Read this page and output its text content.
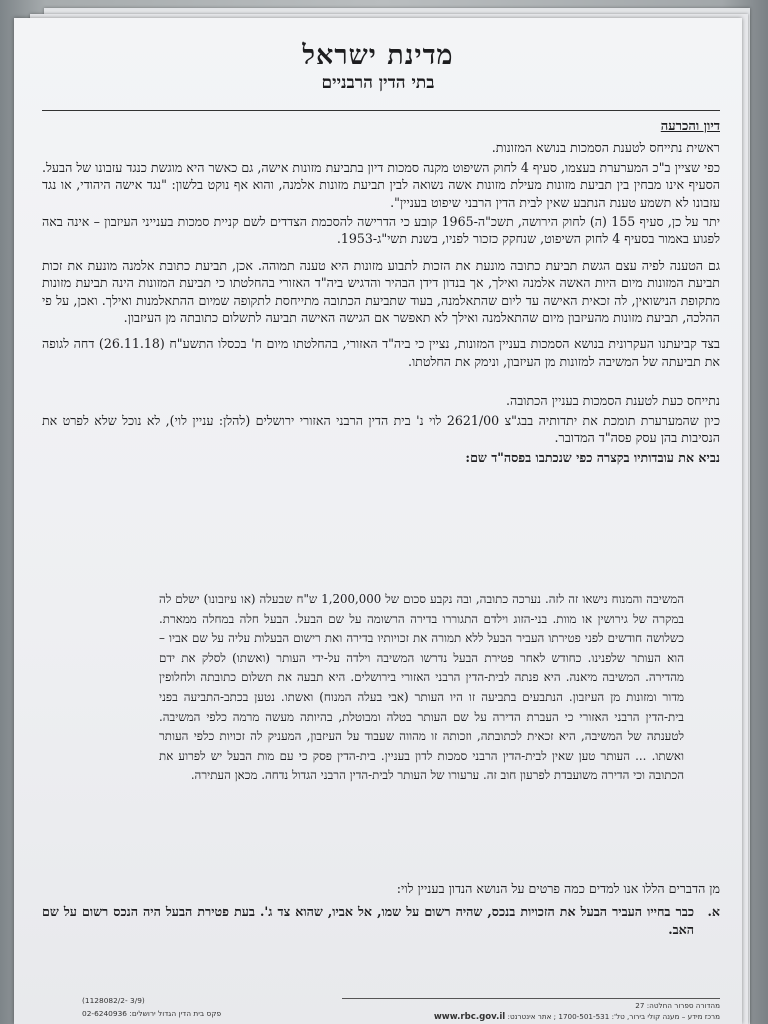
מדינת ישראל
בתי הדין הרבניים
דיון והכרעה

ראשית נתייחס לטענת הסמכות בנושא המזונות.

כפי שציין ב"כ המערערת בעצמו, סעיף 4 לחוק השיפוט מקנה סמכות דיון בתביעת מזונות אישה, גם כאשר היא מוגשת כנגד עזבונו של הבעל. הסעיף אינו מבחין בין תביעת מזונות מעילת מזונות אשה נשואה לבין תביעת מזונות אלמנה, והוא אף נוקט בלשון: "נגד אישה היהודי, או נגד עזבונו לא תשמע טענת הנתבע שאין לבית הדין הרבני שיפוט בעניין".

יתר על כן, סעיף 155 (ה) לחוק הירושה, תשכ"ה-1965 קובע כי הדרישה להסכמת הצדדים לשם קניית סמכות בענייני העיזבון – אינה באה לפגוע באמור בסעיף 4 לחוק השיפוט, שנחקק כזכור לפניו, בשנת תשי"ג-1953.

גם הטענה לפיה עצם הגשת תביעת כתובה מונעת את הזכות לתבוע מזונות היא טענה תמוהה. אכן, תביעת כתובת אלמנה מונעת את זכות תביעת המזונות מיום היות האשה אלמנה ואילך, אך בנדון דידן הבהיר והדגיש ביה"ד האזורי בהחלטתו כי תביעת המזונות הינה תביעת מזונות מתקופת הנישואין, לה זכאית האישה עד ליום שהתאלמנה, בעוד שתביעת הכתובה מתייחסת לתקופה שמיום ההתאלמנות ואילך. ואכן, על פי ההלכה, תביעת מזונות מהעיזבון מיום שהתאלמנה ואילך לא תאפשר אם הגישה האישה תביעה לתשלום כתובתה מן העיזבון.

בצד קביעתנו העקרונית בנושא הסמכות בעניין המזונות, נציין כי ביה"ד האזורי, בהחלטתו מיום ח' בכסלו התשע"ח (26.11.18) דחה לגופה את תביעתה של המשיבה למזונות מן העיזבון, ונימק את החלטתו.

נתייחס כעת לטענת הסמכות בעניין הכתובה.

כיון שהמערערת תומכת את יתדותיה בבג"צ 2621/00 לוי נ' בית הדין הרבני האזורי ירושלים (להלן: עניין לוי), לא נוכל שלא לפרט את הנסיבות בהן עסק פסה"ד המדובר.

נביא את עובדותיו בקצרה כפי שנכתבו בפסה"ד שם:

המשיבה והמנוח נישאו זה לזה. נערכה כתובה, ובה נקבע סכום של 1,200,000 ש"ח שבעלה (או עיזבונו) ישלם לה במקרה של גירושין או מוות. בני-הזוג וילדם התגוררו בדירה הרשומה על שם הבעל. הבעל חלה במחלה ממארת. כשלושה חודשים לפני פטירתו העביר הבעל ללא תמורה את זכויותיו בדירה ואת רישום הבעלות עליה על שם אביו – הוא העותר שלפנינו. כחודש לאחר פטירת הבעל נדרשו המשיבה וילדה על-ידי העותר (ואשתו) לסלק את ידם מהדירה. המשיבה מיאנה. היא פנתה לבית-הדין הרבני האזורי בירושלים. היא תבעה את תשלום כתובתה ולחלופין מדור ומזונות מן העיזבון. הנתבעים בתביעה זו היו העותר (אבי בעלה המנוח) ואשתו. נטען בכתב-התביעה בפני בית-הדין הרבני האזורי כי העברת הדירה על שם העותר בטלה ומבוטלת, בהיותה מעשה מרמה כלפי המשיבה. לטענתה של המשיבה, היא זכאית לכתובתה, וזכותה זו מהווה שעבוד על העיזבון, המעניק לה זכויות כלפי העותר ואשתו. ... העותר טען שאין לבית-הדין הרבני סמכות לדון בעניין. בית-הדין פסק כי עם מות הבעל יש לפרוע את הכתובה וכי הדירה משועבדת לפרעון חוב זה. ערעורו של העותר לבית-הדין הרבני הגדול נדחה. מכאן העתירה.

מן הדברים הללו אנו למדים כמה פרטים על הנושא הנדון בעניין לוי:

א.
כבר בחייו העביר הבעל את הזכויות בנכס, שהיה רשום על שמו, אל אביו, שהוא צד ג'. בעת פטירת הבעל היה הנכס רשום על שם האב.
מהדורה ספרור החלטה: 27
מרכז מידע – מענה קולי בירור, טל': 1700-501-531 ; אתר אינטרנט: www.rbc.gov.il
(1128082/2- 3/9)
פקס בית הדין הגדול ירושלים: 02-6240936
